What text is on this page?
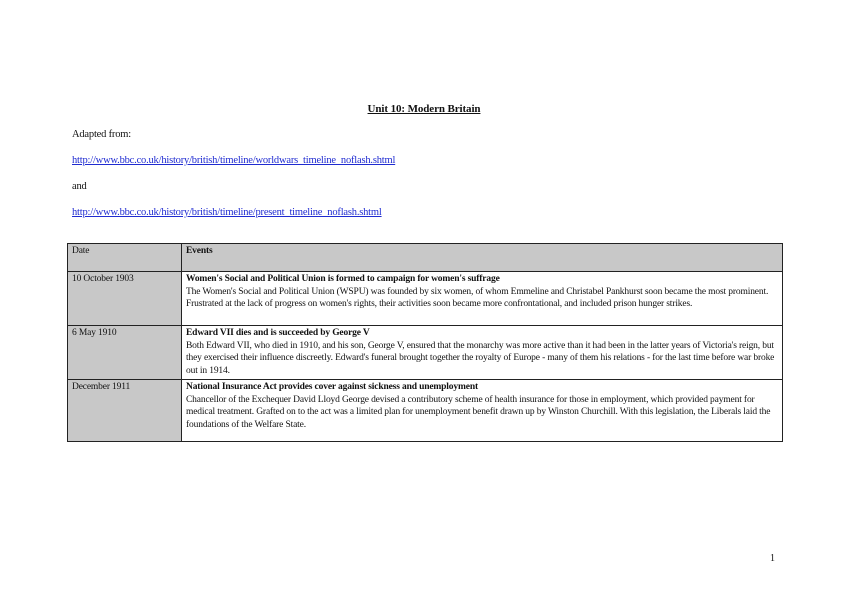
Unit 10: Modern Britain
Adapted from:
http://www.bbc.co.uk/history/british/timeline/worldwars_timeline_noflash.shtml
and
http://www.bbc.co.uk/history/british/timeline/present_timeline_noflash.shtml
Date	Events
10 October 1903	Women's Social and Political Union is formed to campaign for women's suffrage
The Women's Social and Political Union (WSPU) was founded by six women, of whom Emmeline and Christabel Pankhurst soon became the most prominent. Frustrated at the lack of progress on women's rights, their activities soon became more confrontational, and included prison hunger strikes.

6 May 1910	Edward VII dies and is succeeded by George V
Both Edward VII, who died in 1910, and his son, George V, ensured that the monarchy was more active than it had been in the latter years of Victoria's reign, but they exercised their influence discreetly. Edward's funeral brought together the royalty of Europe - many of them his relations - for the last time before war broke out in 1914.

December 1911	National Insurance Act provides cover against sickness and unemployment
Chancellor of the Exchequer David Lloyd George devised a contributory scheme of health insurance for those in employment, which provided payment for medical treatment. Grafted on to the act was a limited plan for unemployment benefit drawn up by Winston Churchill. With this legislation, the Liberals laid the foundations of the Welfare State.
1
